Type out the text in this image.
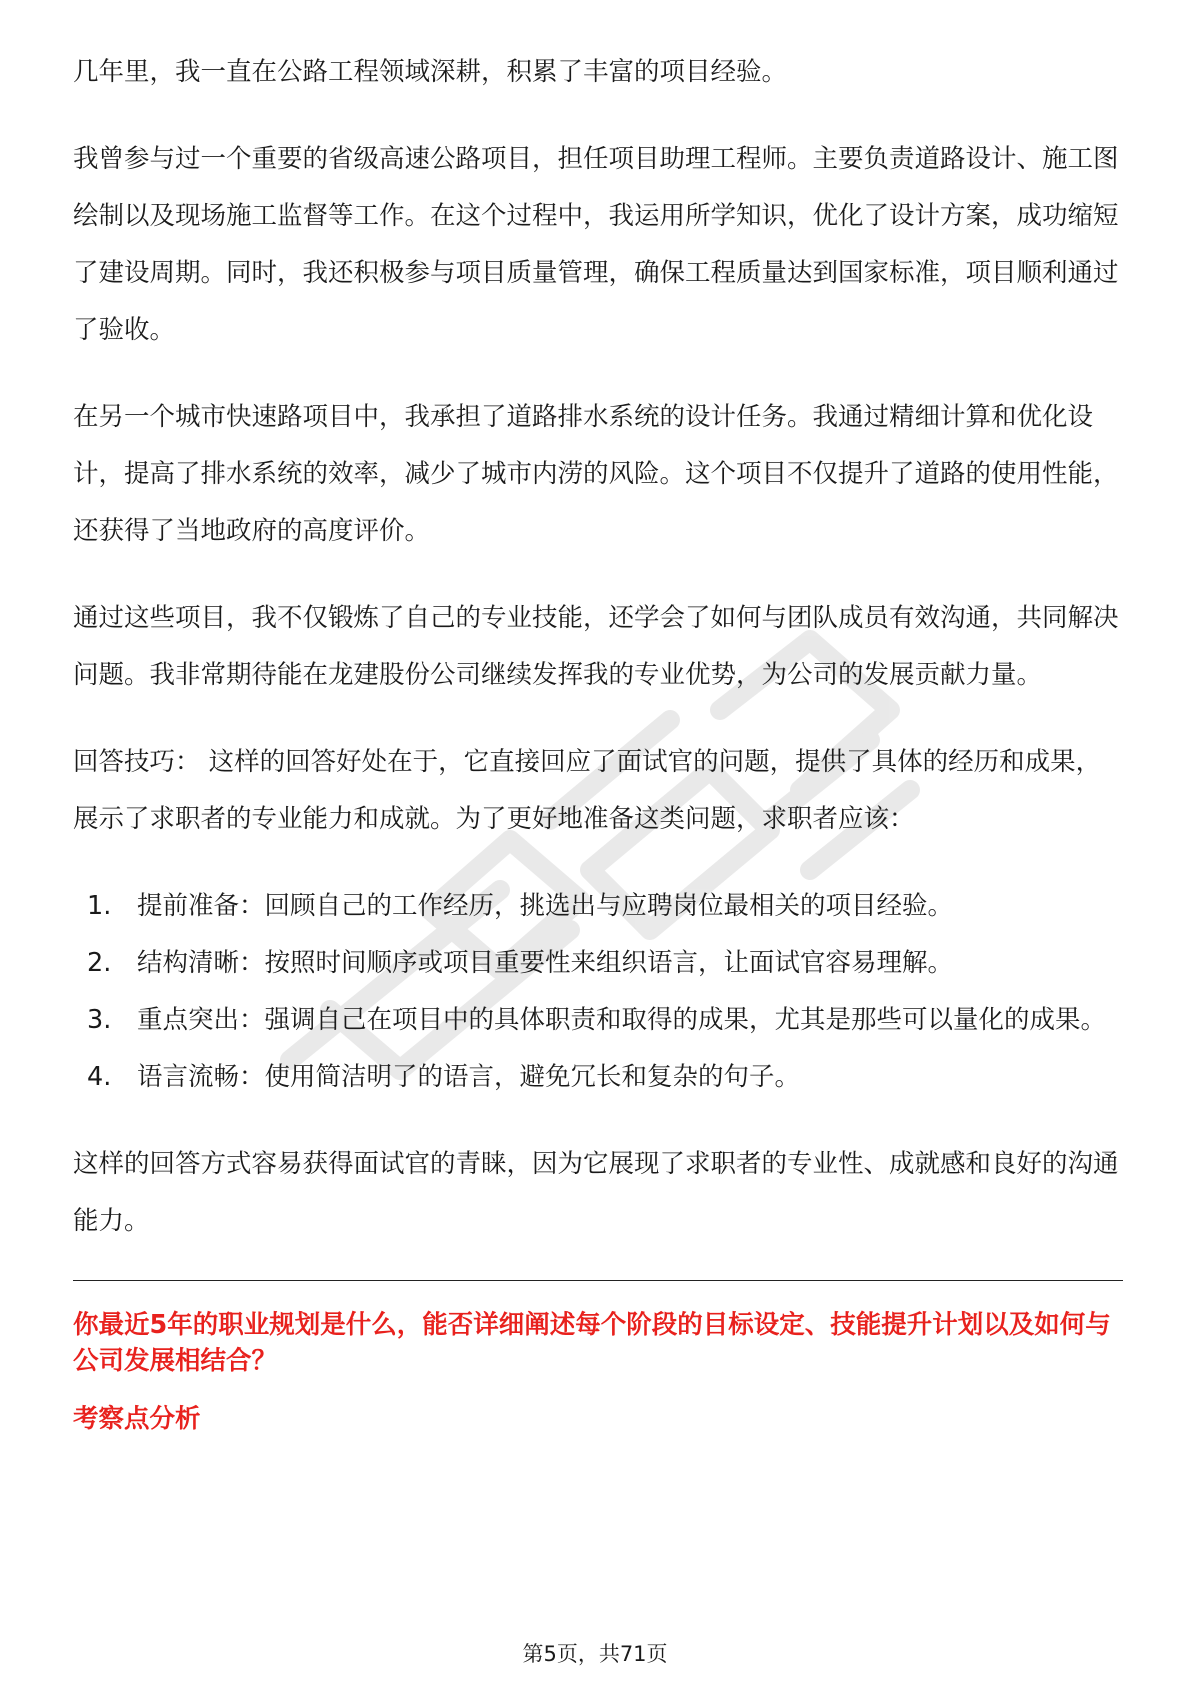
几年里，我一直在公路工程领域深耕，积累了丰富的项目经验。

我曾参与过一个重要的省级高速公路项目，担任项目助理工程师。主要负责道路设计、施工图绘制以及现场施工监督等工作。在这个过程中，我运用所学知识，优化了设计方案，成功缩短了建设周期。同时，我还积极参与项目质量管理，确保工程质量达到国家标准，项目顺利通过了验收。

在另一个城市快速路项目中，我承担了道路排水系统的设计任务。我通过精细计算和优化设计，提高了排水系统的效率，减少了城市内涝的风险。这个项目不仅提升了道路的使用性能，还获得了当地政府的高度评价。

通过这些项目，我不仅锻炼了自己的专业技能，还学会了如何与团队成员有效沟通，共同解决问题。我非常期待能在龙建股份公司继续发挥我的专业优势，为公司的发展贡献力量。

回答技巧： 这样的回答好处在于，它直接回应了面试官的问题，提供了具体的经历和成果，展示了求职者的专业能力和成就。为了更好地准备这类问题，求职者应该：

1.	提前准备：回顾自己的工作经历，挑选出与应聘岗位最相关的项目经验。
2.	结构清晰：按照时间顺序或项目重要性来组织语言，让面试官容易理解。
3.	重点突出：强调自己在项目中的具体职责和取得的成果，尤其是那些可以量化的成果。
4.	语言流畅：使用简洁明了的语言，避免冗长和复杂的句子。

这样的回答方式容易获得面试官的青睐，因为它展现了求职者的专业性、成就感和良好的沟通能力。

你最近5年的职业规划是什么，能否详细阐述每个阶段的目标设定、技能提升计划以及如何与公司发展相结合？

考察点分析

第5页，共71页
